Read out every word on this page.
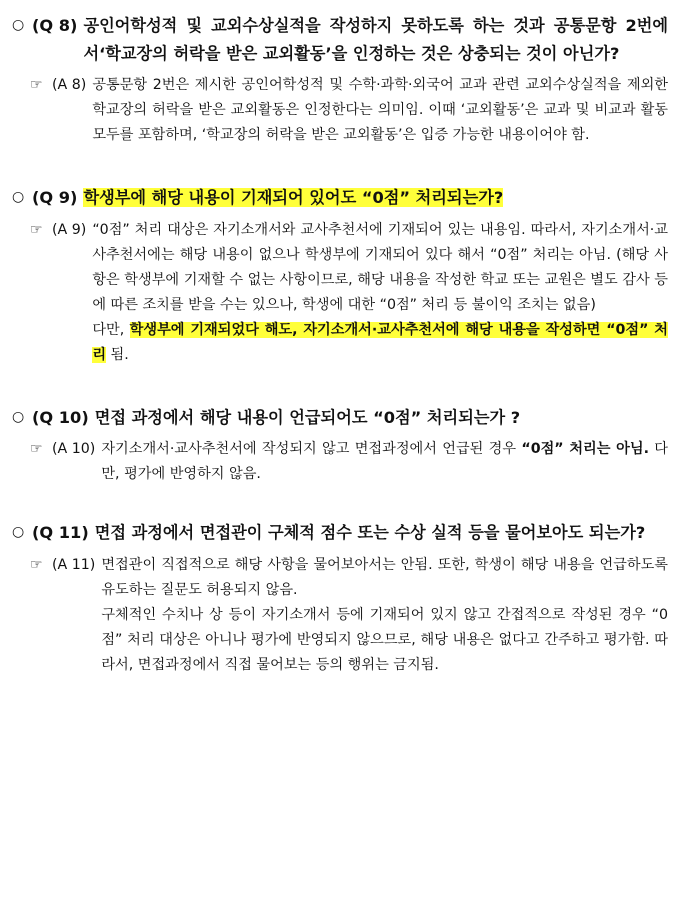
○ (Q 8) 공인어학성적 및 교외수상실적을 작성하지 못하도록 하는 것과 공통문항 2번에서‘학교장의 허락을 받은 교외활동’을 인정하는 것은 상충되는 것이 아닌가?
☞ (A 8) 공통문항 2번은 제시한 공인어학성적 및 수학·과학·외국어 교과 관련 교외수상실적을 제외한 학교장의 허락을 받은 교외활동은 인정한다는 의미임. 이때 ‘교외활동’은 교과 및 비교과 활동 모두를 포함하며, ‘학교장의 허락을 받은 교외활동’은 입증 가능한 내용이어야 함.

○ (Q 9) 학생부에 해당 내용이 기재되어 있어도 “0점” 처리되는가?
☞ (A 9) “0점” 처리 대상은 자기소개서와 교사추천서에 기재되어 있는 내용임. 따라서, 자기소개서·교사추천서에는 해당 내용이 없으나 학생부에 기재되어 있다 해서 “0점” 처리는 아님. (해당 사항은 학생부에 기재할 수 없는 사항이므로, 해당 내용을 작성한 학교 또는 교원은 별도 감사 등에 따른 조치를 받을 수는 있으나, 학생에 대한 “0점” 처리 등 불이익 조치는 없음)

다만, 학생부에 기재되었다 해도, 자기소개서·교사추천서에 해당 내용을 작성하면 “0점” 처리 됨.

○ (Q 10) 면접 과정에서 해당 내용이 언급되어도 “0점” 처리되는가 ?
☞ (A 10) 자기소개서·교사추천서에 작성되지 않고 면접과정에서 언급된 경우 “0점” 처리는 아님. 다만, 평가에 반영하지 않음.

○ (Q 11) 면접 과정에서 면접관이 구체적 점수 또는 수상 실적 등을 물어보아도 되는가?
☞ (A 11) 면접관이 직접적으로 해당 사항을 물어보아서는 안됨. 또한, 학생이 해당 내용을 언급하도록 유도하는 질문도 허용되지 않음.

구체적인 수치나 상 등이 자기소개서 등에 기재되어 있지 않고 간접적으로 작성된 경우 “0점” 처리 대상은 아니나 평가에 반영되지 않으므로, 해당 내용은 없다고 간주하고 평가함. 따라서, 면접과정에서 직접 물어보는 등의 행위는 금지됨.
